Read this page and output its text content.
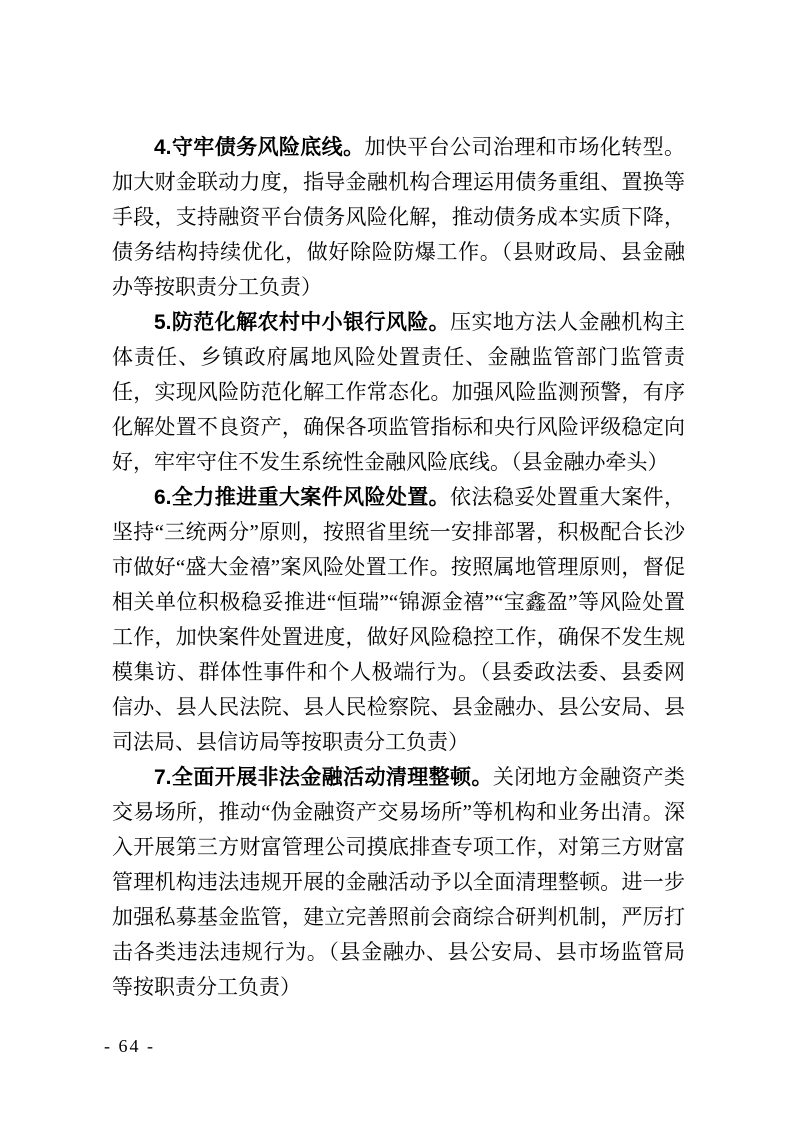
4.守牢债务风险底线。加快平台公司治理和市场化转型。加大财金联动力度，指导金融机构合理运用债务重组、置换等手段，支持融资平台债务风险化解，推动债务成本实质下降，债务结构持续优化，做好除险防爆工作。（县财政局、县金融办等按职责分工负责）

5.防范化解农村中小银行风险。压实地方法人金融机构主体责任、乡镇政府属地风险处置责任、金融监管部门监管责任，实现风险防范化解工作常态化。加强风险监测预警，有序化解处置不良资产，确保各项监管指标和央行风险评级稳定向好，牢牢守住不发生系统性金融风险底线。（县金融办牵头）

6.全力推进重大案件风险处置。依法稳妥处置重大案件，坚持“三统两分”原则，按照省里统一安排部署，积极配合长沙市做好“盛大金禧”案风险处置工作。按照属地管理原则，督促相关单位积极稳妥推进“恒瑞”“锦源金禧”“宝鑫盈”等风险处置工作，加快案件处置进度，做好风险稳控工作，确保不发生规模集访、群体性事件和个人极端行为。（县委政法委、县委网信办、县人民法院、县人民检察院、县金融办、县公安局、县司法局、县信访局等按职责分工负责）

7.全面开展非法金融活动清理整顿。关闭地方金融资产类交易场所，推动“伪金融资产交易场所”等机构和业务出清。深入开展第三方财富管理公司摸底排查专项工作，对第三方财富管理机构违法违规开展的金融活动予以全面清理整顿。进一步加强私募基金监管，建立完善照前会商综合研判机制，严厉打击各类违法违规行为。（县金融办、县公安局、县市场监管局等按职责分工负责）

- 64 -
